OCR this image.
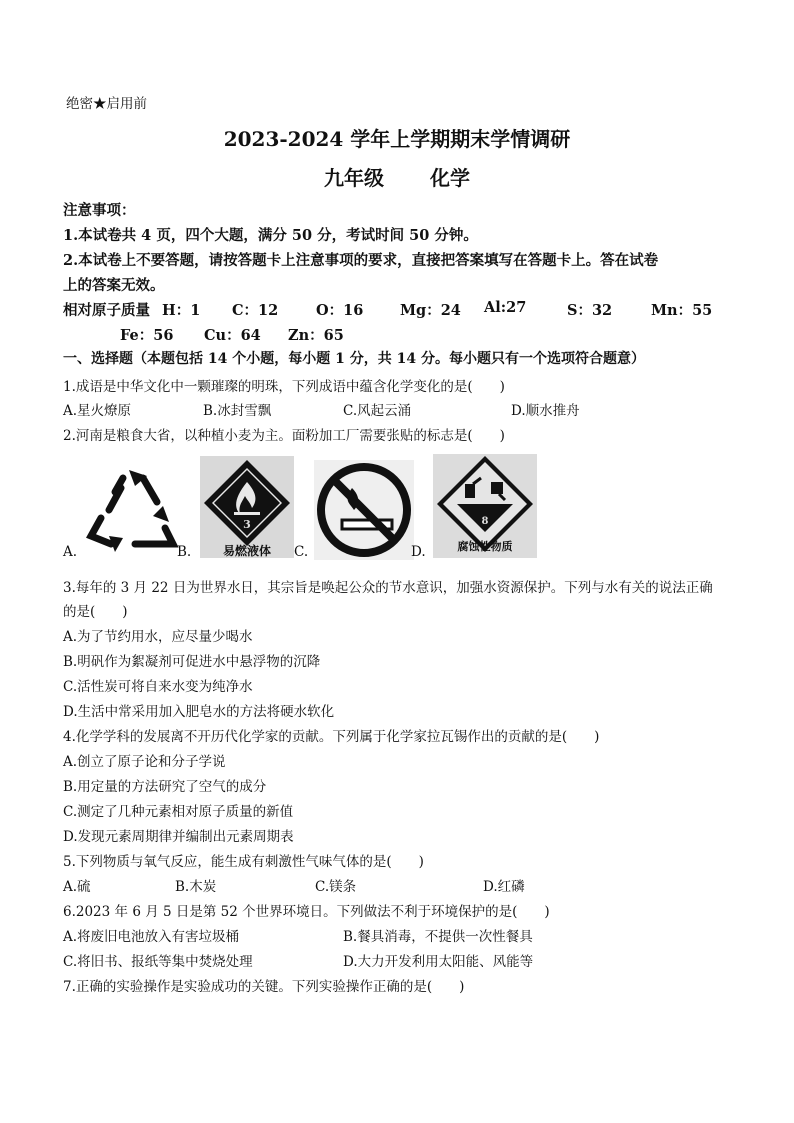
绝密★启用前
2023-2024 学年上学期期末学情调研
九年级 化学
注意事项：
1.本试卷共 4 页，四个大题，满分 50 分，考试时间 50 分钟。
2.本试卷上不要答题，请按答题卡上注意事项的要求，直接把答案填写在答题卡上。答在试卷
上的答案无效。
相对原子质量 H：1 C：12	O：16	Mg：24 Al:27	S：32	Mn：55
Fe：56 Cu：64 Zn：65
一、选择题（本题包括 14 个小题，每小题 1 分，共 14 分。每小题只有一个选项符合题意）
1.成语是中华文化中一颗璀璨的明珠，下列成语中蕴含化学变化的是(　　)
A.星火燎原	B.冰封雪飘	C.风起云涌	D.顺水推舟
2.河南是粮食大省，以种植小麦为主。面粉加工厂需要张贴的标志是(　　)
A.	B.
3
易燃液体	C.	D.
8
腐蚀性物质
3.每年的 3 月 22 日为世界水日，其宗旨是唤起公众的节水意识，加强水资源保护。下列与水有关的说法正确
的是(　　)
A.为了节约用水，应尽量少喝水
B.明矾作为絮凝剂可促进水中悬浮物的沉降
C.活性炭可将自来水变为纯净水
D.生活中常采用加入肥皂水的方法将硬水软化
4.化学学科的发展离不开历代化学家的贡献。下列属于化学家拉瓦锡作出的贡献的是(　　)
A.创立了原子论和分子学说
B.用定量的方法研究了空气的成分
C.测定了几种元素相对原子质量的新值
D.发现元素周期律并编制出元素周期表
5.下列物质与氧气反应，能生成有刺激性气味气体的是(　　)
A.硫	B.木炭	C.镁条	D.红磷
6.2023 年 6 月 5 日是第 52 个世界环境日。下列做法不利于环境保护的是(　　)
A.将废旧电池放入有害垃圾桶	B.餐具消毒，不提供一次性餐具
C.将旧书、报纸等集中焚烧处理	D.大力开发利用太阳能、风能等
7.正确的实验操作是实验成功的关键。下列实验操作正确的是(　　)
